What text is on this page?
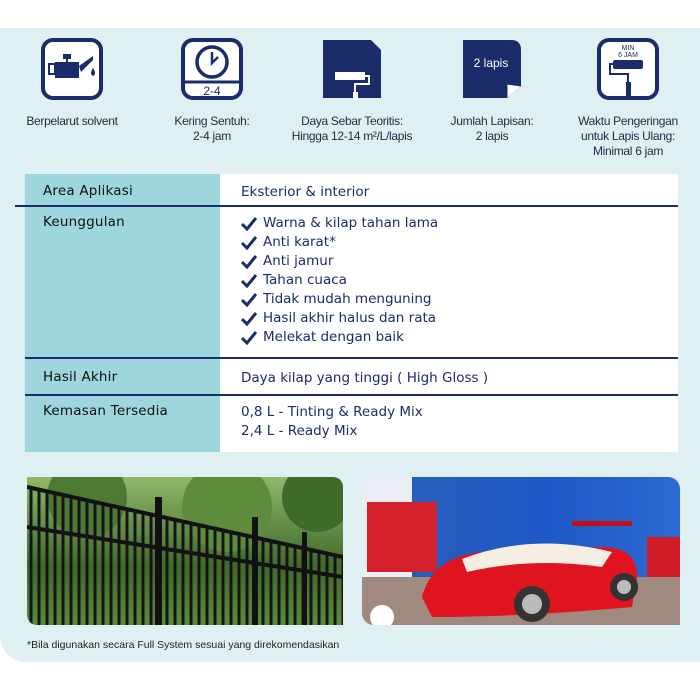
Berpelarut solvent
2-4
Kering Sentuh:
2-4 jam
Daya Sebar Teoritis:
Hingga 12-14 m²/L/lapis
2 lapis
Jumlah Lapisan:
2 lapis
MIN
6 JAM
Waktu Pengeringan
untuk Lapis Ulang:
Minimal 6 jam
Area Aplikasi	Eksterior & interior
Keunggulan	Warna & kilap tahan lama
Anti karat*
Anti jamur
Tahan cuaca
Tidak mudah menguning
Hasil akhir halus dan rata
Melekat dengan baik
Hasil Akhir	Daya kilap yang tinggi ( High Gloss )
Kemasan Tersedia	0,8 L - Tinting & Ready Mix
2,4 L - Ready Mix
*Bila digunakan secara Full System sesuai yang direkomendasikan
